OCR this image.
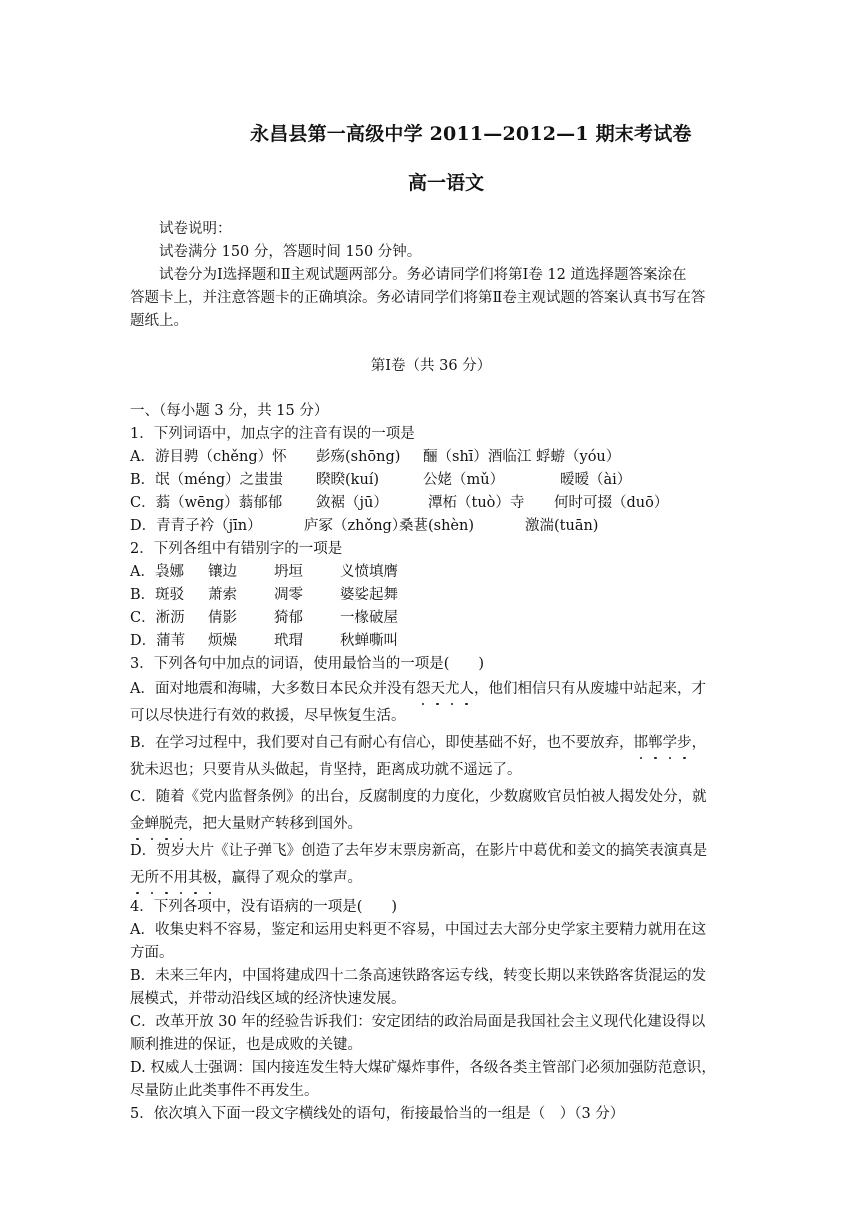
永昌县第一高级中学 2011—2012—1 期末考试卷
高一语文
试卷说明：
试卷满分 150 分，答题时间 150 分钟。
试卷分为Ⅰ选择题和Ⅱ主观试题两部分。务必请同学们将第Ⅰ卷 12 道选择题答案涂在
答题卡上，并注意答题卡的正确填涂。务必请同学们将第Ⅱ卷主观试题的答案认真书写在答
题纸上。
第Ⅰ卷（共 36 分）
一、（每小题 3 分，共 15 分）
1．下列词语中，加点字的注音有误的一项是
A．游目骋（chěng）怀 彭殇(shōng) 酾（shī）酒临江 蜉蝣（yóu）
B．氓（méng）之蚩蚩 睽睽(kuí)	公姥（mǔ）	暧暧（ài）
C．蓊（wēng）蓊郁郁 敛裾（jū）	潭柘（tuò）寺 何时可掇（duō）
D．青青子衿（jīn）	庐冢（zhǒng）桑葚(shèn)	激湍(tuān)
2．下列各组中有错别字的一项是
A．袅娜 镶边	坍垣	义愤填膺
B．斑驳 萧索	凋零	婆娑起舞
C．淅沥 倩影	猗郁	一椽破屋
D．蒲苇 烦燥	玳瑁	秋蝉嘶叫
3．下列各句中加点的词语，使用最恰当的一项是(　　)
A．面对地震和海啸，大多数日本民众并没有怨天尤人，他们相信只有从废墟中站起来，才
可以尽快进行有效的救援，尽早恢复生活。
B．在学习过程中，我们要对自己有耐心有信心，即使基础不好，也不要放弃，邯郸学步，
犹未迟也；只要肯从头做起，肯坚持，距离成功就不遥远了。
C．随着《党内监督条例》的出台，反腐制度的力度化，少数腐败官员怕被人揭发处分，就
金蝉脱壳，把大量财产转移到国外。
D．贺岁大片《让子弹飞》创造了去年岁末票房新高，在影片中葛优和姜文的搞笑表演真是
无所不用其极，赢得了观众的掌声。
4．下列各项中，没有语病的一项是(　　)
A．收集史料不容易，鉴定和运用史料更不容易，中国过去大部分史学家主要精力就用在这
方面。
B．未来三年内，中国将建成四十二条高速铁路客运专线，转变长期以来铁路客货混运的发
展模式，并带动沿线区域的经济快速发展。
C．改革开放 30 年的经验告诉我们：安定团结的政治局面是我国社会主义现代化建设得以
顺利推进的保证，也是成败的关键。
D. 权威人士强调：国内接连发生特大煤矿爆炸事件，各级各类主管部门必须加强防范意识，
尽量防止此类事件不再发生。
5．依次填入下面一段文字横线处的语句，衔接最恰当的一组是（　）（3 分）
